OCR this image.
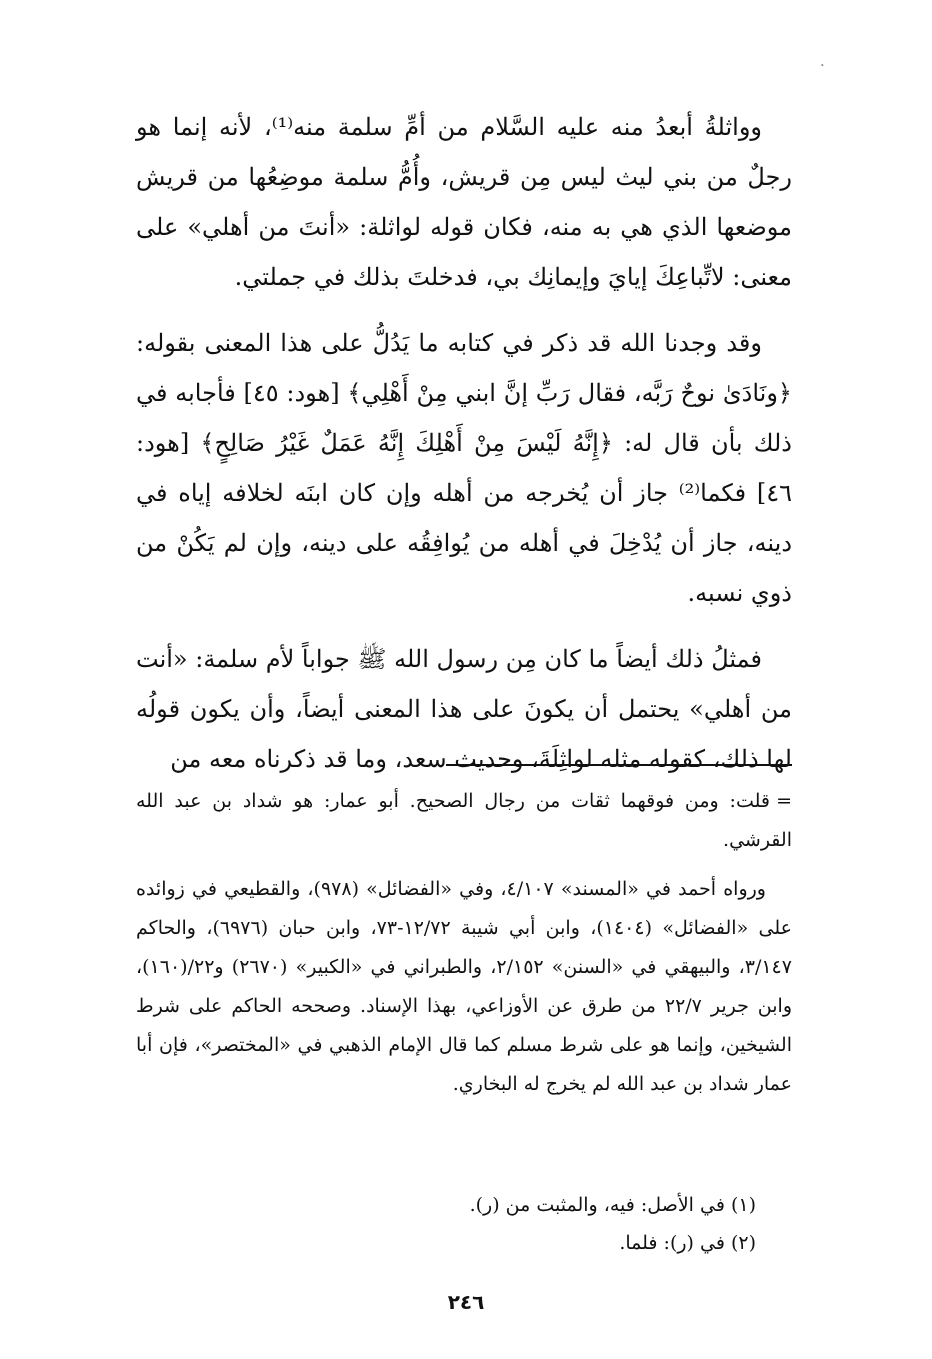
وواثلةُ أبعدُ منه عليه السَّلام من أمِّ سلمة منه⁽¹⁾، لأنه إنما هو رجلٌ من بني ليث ليس مِن قريش، وأُمُّ سلمة موضِعُها من قريش موضعها الذي هي به منه، فكان قوله لواثلة: «أنتَ من أهلي» على معنى: لاتِّباعِكَ إيايَ وإيمانِك بي، فدخلتَ بذلك في جملتي.

وقد وجدنا الله قد ذكر في كتابه ما يَدُلُّ على هذا المعنى بقوله: ﴿ونَادَىٰ نوحٌ رَبَّه، فقال رَبِّ إنَّ ابني مِنْ أَهْلِي﴾ [هود: ٤٥] فأجابه في ذلك بأن قال له: ﴿إِنَّهُ لَيْسَ مِنْ أَهْلِكَ إِنَّهُ عَمَلٌ غَيْرُ صَالِحٍ﴾ [هود: ٤٦] فكما⁽²⁾ جاز أن يُخرجه من أهله وإن كان ابنَه لخلافه إياه في دينه، جاز أن يُدْخِلَ في أهله من يُوافِقُه على دينه، وإن لم يَكُنْ من ذوي نسبه.

فمثلُ ذلك أيضاً ما كان مِن رسول الله ﷺ جواباً لأم سلمة: «أنت من أهلي» يحتمل أن يكونَ على هذا المعنى أيضاً، وأن يكون قولُه لها ذلك، كقوله مثله لواثِلَةَ، وحديث سعد، وما قد ذكرناه معه من

=قلت: ومن فوقهما ثقات من رجال الصحيح. أبو عمار: هو شداد بن عبد الله القرشي.

ورواه أحمد في «المسند» ٤/١٠٧، وفي «الفضائل» (٩٧٨)، والقطيعي في زوائده على «الفضائل» (١٤٠٤)، وابن أبي شيبة ١٢/٧٢-٧٣، وابن حبان (٦٩٧٦)، والحاكم ٣/١٤٧، والبيهقي في «السنن» ٢/١٥٢، والطبراني في «الكبير» (٢٦٧٠) و٢٢/(١٦٠)، وابن جرير ٢٢/٧ من طرق عن الأوزاعي، بهذا الإسناد. وصححه الحاكم على شرط الشيخين، وإنما هو على شرط مسلم كما قال الإمام الذهبي في «المختصر»، فإن أبا عمار شداد بن عبد الله لم يخرج له البخاري.

(١) في الأصل: فيه، والمثبت من (ر).
(٢) في (ر): فلما.
٢٤٦
